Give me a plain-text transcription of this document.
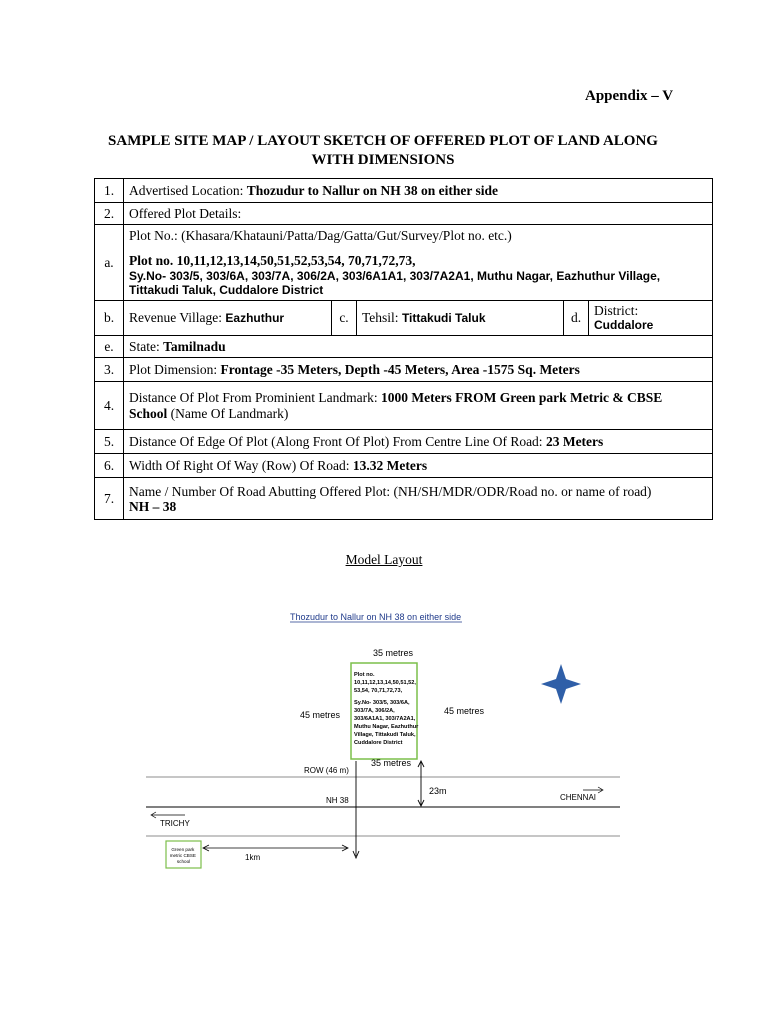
Appendix – V
SAMPLE SITE MAP / LAYOUT SKETCH OF OFFERED PLOT OF LAND ALONG
WITH DIMENSIONS
1.	Advertised Location: Thozudur to Nallur on NH 38 on either side				
2.	Offered Plot Details:				
a.	Plot No.: (Khasara/Khatauni/Patta/Dag/Gatta/Gut/Survey/Plot no. etc.)
Plot no. 10,11,12,13,14,50,51,52,53,54, 70,71,72,73,
Sy.No- 303/5, 303/6A, 303/7A, 306/2A, 303/6A1A1, 303/7A2A1, Muthu Nagar, Eazhuthur Village,
Tittakudi Taluk, Cuddalore District				

b.	Revenue Village: Eazhuthur	c.	Tehsil: Tittakudi Taluk	d.	District:
Cuddalore

e.	State: Tamilnadu				
3.	Plot Dimension: Frontage -35 Meters, Depth -45 Meters, Area -1575 Sq. Meters				
4.	Distance Of Plot From Prominient Landmark: 1000 Meters FROM Green park Metric & CBSE
School (Name Of Landmark)				
5.	Distance Of Edge Of Plot (Along Front Of Plot) From Centre Line Of Road: 23 Meters				
6.	Width Of Right Of Way (Row) Of Road: 13.32 Meters				
7.	Name / Number Of Road Abutting Offered Plot: (NH/SH/MDR/ODR/Road no. or name of road)
NH – 38				
Model Layout
Thozudur to Nallur on NH 38 on either side
35 metres
Plot no. 10,11,12,13,14,50,51,52, 53,54, 70,71,72,73, Sy.No- 303/5, 303/6A, 303/7A, 306/2A, 303/6A1A1, 303/7A2A1, Muthu Nagar, Eazhuthur Village, Tittakudi Taluk, Cuddalore District
45 metres	45 metres
35 metres
ROW (46 m)
NH 38
23m
CHENNAI
TRICHY
Green park metric CBSE school	1km
